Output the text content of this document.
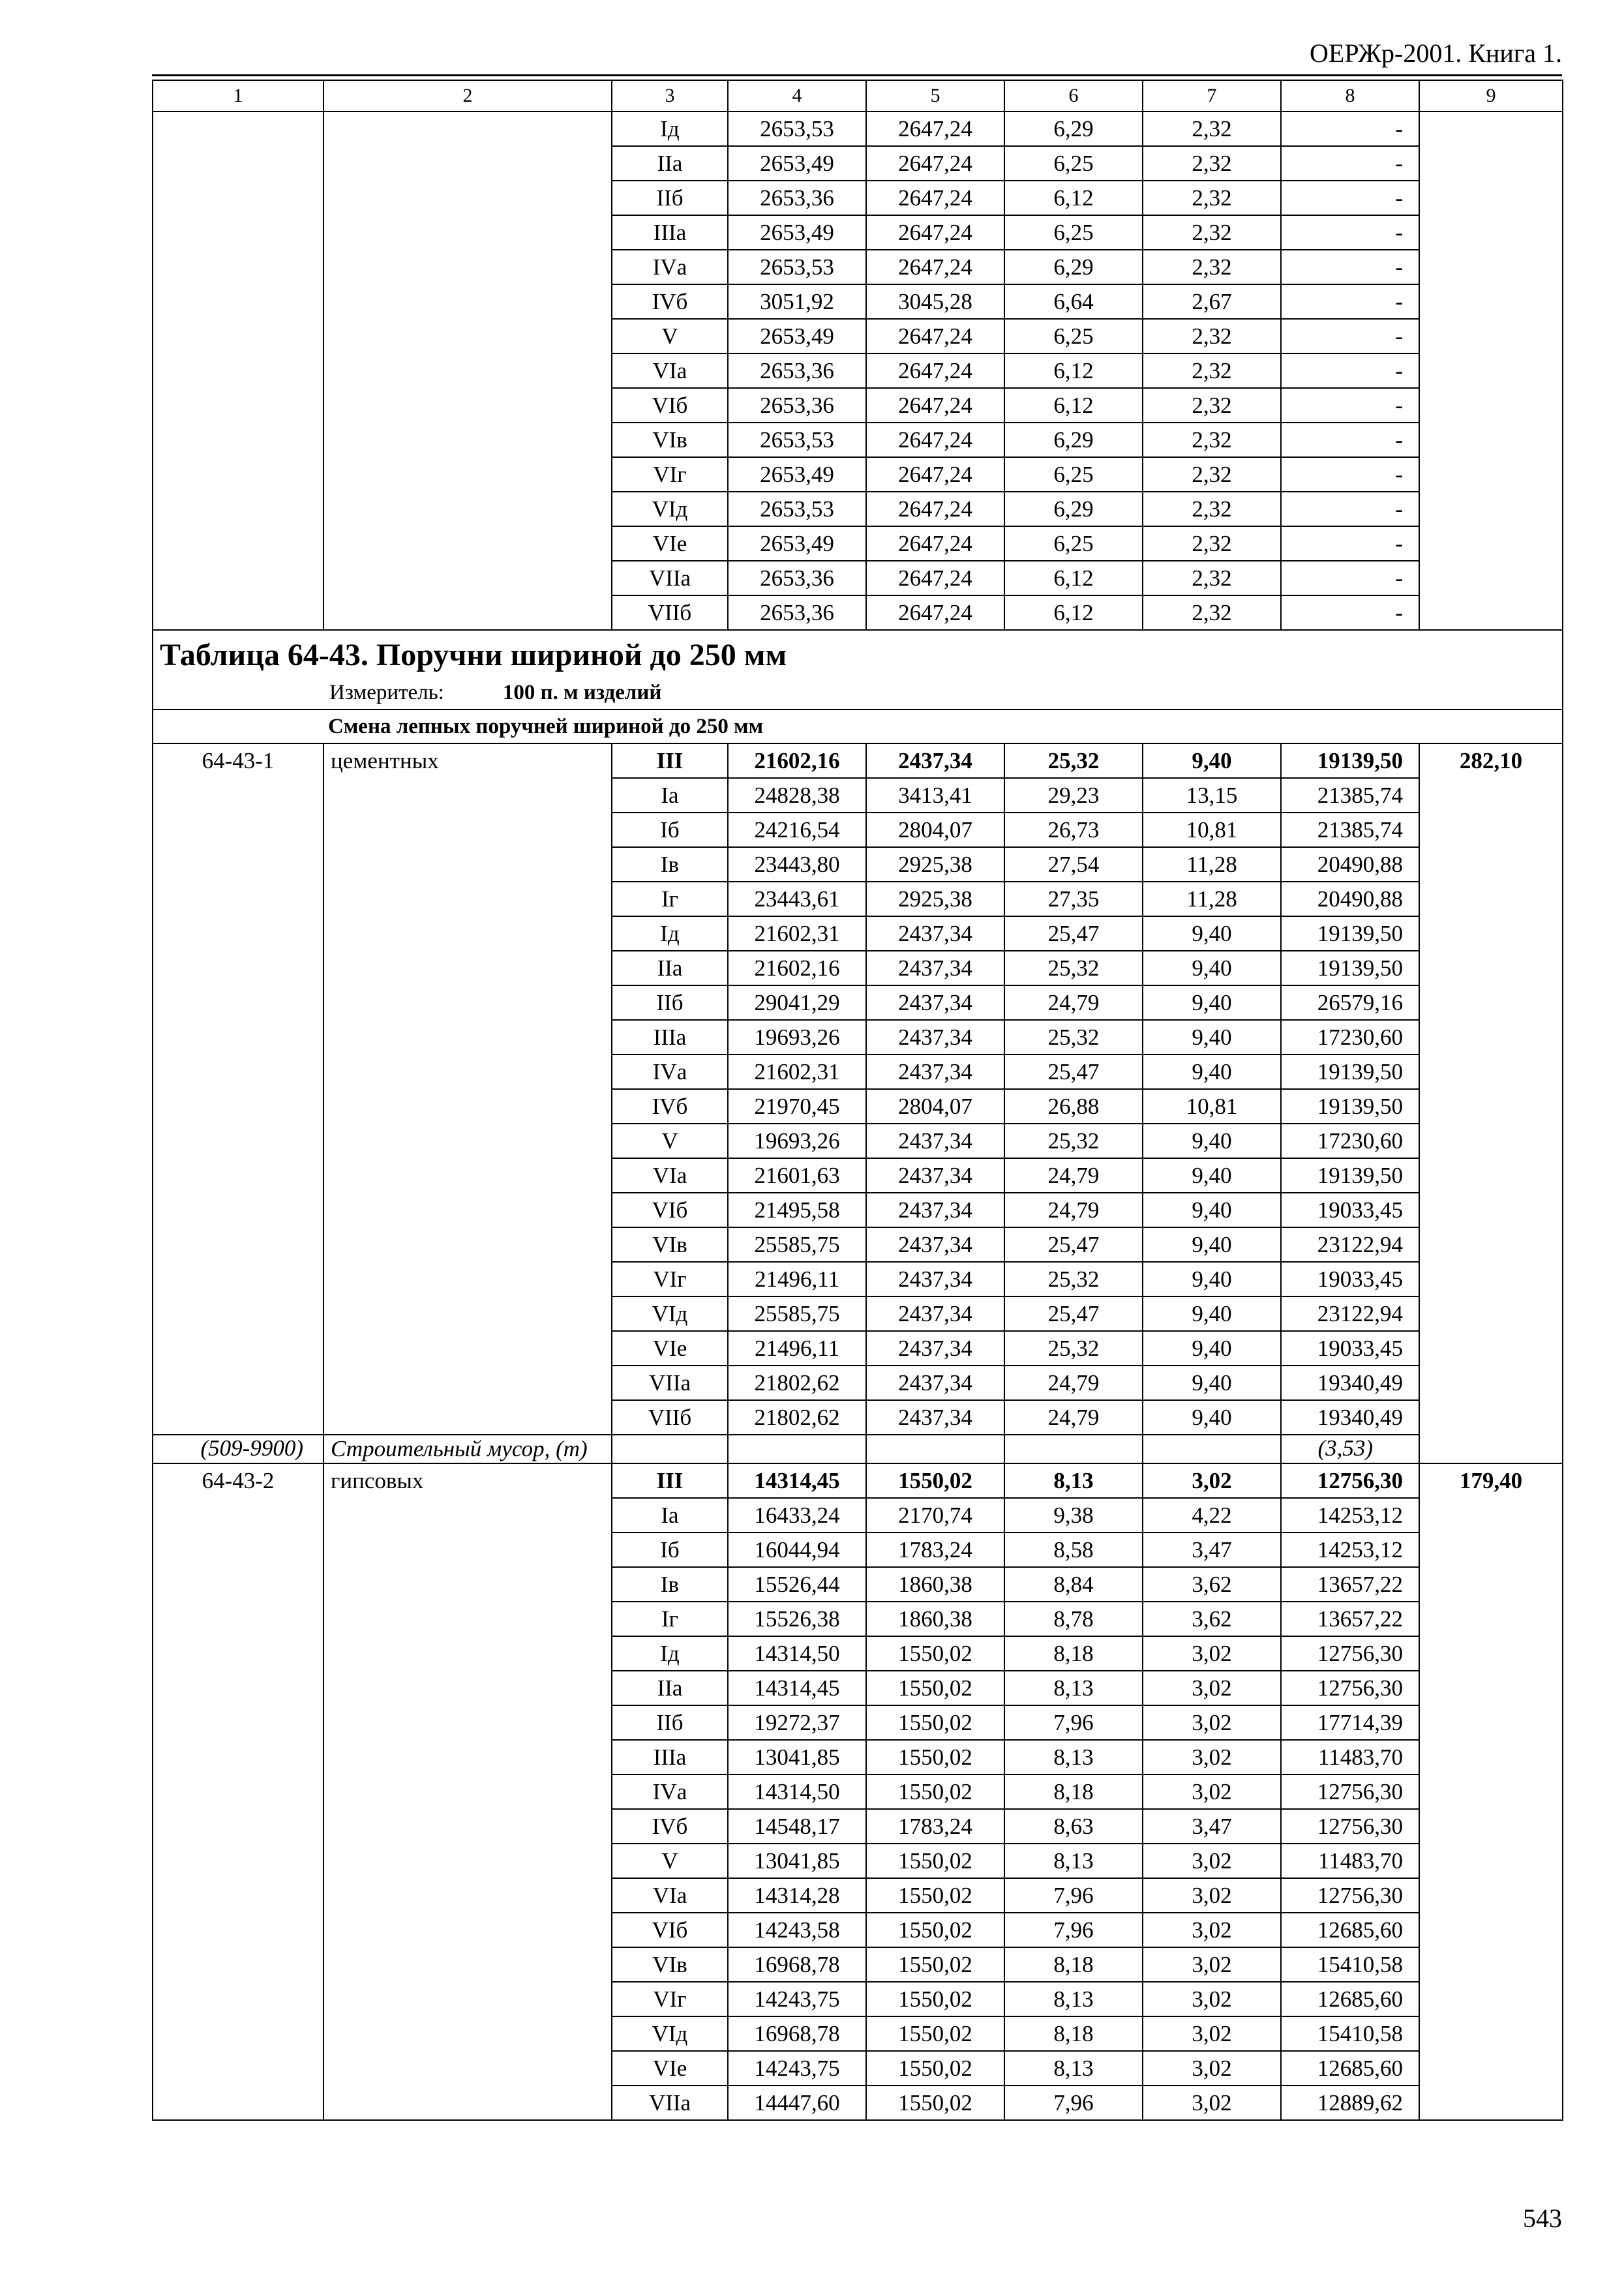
ОЕРЖр-2001. Книга 1.
1	2	3	4	5	6	7	8	9
		Iд	2653,53	2647,24	6,29	2,32	-	
		IIа	2653,49	2647,24	6,25	2,32	-	
		IIб	2653,36	2647,24	6,12	2,32	-	
		IIIа	2653,49	2647,24	6,25	2,32	-	
		IVа	2653,53	2647,24	6,29	2,32	-	
		IVб	3051,92	3045,28	6,64	2,67	-	
		V	2653,49	2647,24	6,25	2,32	-	
		VIа	2653,36	2647,24	6,12	2,32	-	
		VIб	2653,36	2647,24	6,12	2,32	-	
		VIв	2653,53	2647,24	6,29	2,32	-	
		VIг	2653,49	2647,24	6,25	2,32	-	
		VIд	2653,53	2647,24	6,29	2,32	-	
		VIе	2653,49	2647,24	6,25	2,32	-	
		VIIа	2653,36	2647,24	6,12	2,32	-	
		VIIб	2653,36	2647,24	6,12	2,32	-	

Таблица 64-43. Поручни шириной до 250 мм
Измеритель: 100 п. м изделий								

Смена лепных поручней шириной до 250 мм								
64-43-1	цементных	III	21602,16	2437,34	25,32	9,40	19139,50	282,10
		Iа	24828,38	3413,41	29,23	13,15	21385,74	
		Iб	24216,54	2804,07	26,73	10,81	21385,74	
		Iв	23443,80	2925,38	27,54	11,28	20490,88	
		Iг	23443,61	2925,38	27,35	11,28	20490,88	
		Iд	21602,31	2437,34	25,47	9,40	19139,50	
		IIа	21602,16	2437,34	25,32	9,40	19139,50	
		IIб	29041,29	2437,34	24,79	9,40	26579,16	
		IIIа	19693,26	2437,34	25,32	9,40	17230,60	
		IVа	21602,31	2437,34	25,47	9,40	19139,50	
		IVб	21970,45	2804,07	26,88	10,81	19139,50	
		V	19693,26	2437,34	25,32	9,40	17230,60	
		VIа	21601,63	2437,34	24,79	9,40	19139,50	
		VIб	21495,58	2437,34	24,79	9,40	19033,45	
		VIв	25585,75	2437,34	25,47	9,40	23122,94	
		VIг	21496,11	2437,34	25,32	9,40	19033,45	
		VIд	25585,75	2437,34	25,47	9,40	23122,94	
		VIе	21496,11	2437,34	25,32	9,40	19033,45	
		VIIа	21802,62	2437,34	24,79	9,40	19340,49	
		VIIб	21802,62	2437,34	24,79	9,40	19340,49	
(509-9900)	Строительный мусор, (т)						(3,53)	
64-43-2	гипсовых	III	14314,45	1550,02	8,13	3,02	12756,30	179,40
		Iа	16433,24	2170,74	9,38	4,22	14253,12	
		Iб	16044,94	1783,24	8,58	3,47	14253,12	
		Iв	15526,44	1860,38	8,84	3,62	13657,22	
		Iг	15526,38	1860,38	8,78	3,62	13657,22	
		Iд	14314,50	1550,02	8,18	3,02	12756,30	
		IIа	14314,45	1550,02	8,13	3,02	12756,30	
		IIб	19272,37	1550,02	7,96	3,02	17714,39	
		IIIа	13041,85	1550,02	8,13	3,02	11483,70	
		IVа	14314,50	1550,02	8,18	3,02	12756,30	
		IVб	14548,17	1783,24	8,63	3,47	12756,30	
		V	13041,85	1550,02	8,13	3,02	11483,70	
		VIа	14314,28	1550,02	7,96	3,02	12756,30	
		VIб	14243,58	1550,02	7,96	3,02	12685,60	
		VIв	16968,78	1550,02	8,18	3,02	15410,58	
		VIг	14243,75	1550,02	8,13	3,02	12685,60	
		VIд	16968,78	1550,02	8,18	3,02	15410,58	
		VIе	14243,75	1550,02	8,13	3,02	12685,60	
		VIIа	14447,60	1550,02	7,96	3,02	12889,62	
543
